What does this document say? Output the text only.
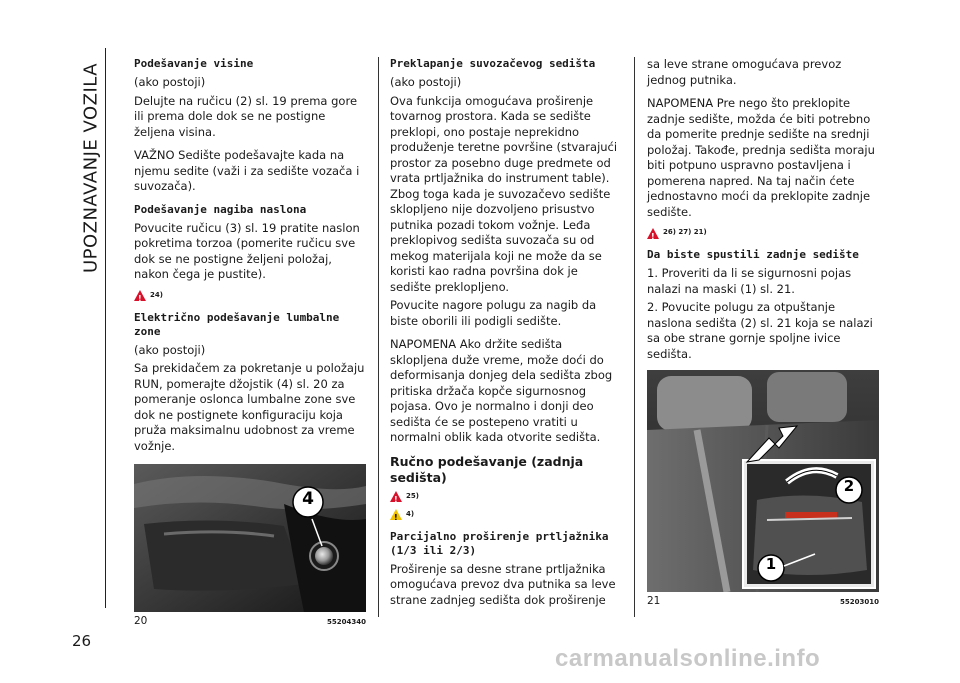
UPOZNAVANJE VOZILA
26
Podešavanje visine

(ako postoji)

Delujte na ručicu (2) sl. 19 prema gore ili prema dole dok se ne postigne željena visina.

VAŽNO Sedište podešavajte kada na njemu sedite (važi i za sedište vozača i suvozača).

Podešavanje nagiba naslona

Povucite ručicu (3) sl. 19 pratite naslon pokretima torzoa (pomerite ručicu sve dok se ne postigne željeni položaj, nakon čega je pustite).

!
24)
Električno podešavanje lumbalne zone

(ako postoji)

Sa prekidačem za pokretanje u položaju RUN, pomerajte džojstik (4) sl. 20 za pomeranje oslonca lumbalne zone sve dok ne postignete konfiguraciju koja pruža maksimalnu udobnost za vreme vožnje.

4
20	55204340
Preklapanje suvozačevog sedišta

(ako postoji)

Ova funkcija omogućava proširenje tovarnog prostora. Kada se sedište preklopi, ono postaje neprekidno produženje teretne površine (stvarajući prostor za posebno duge predmete od vrata prtljažnika do instrument table). Zbog toga kada je suvozačevo sedište sklopljeno nije dozvoljeno prisustvo putnika pozadi tokom vožnje. Leđa preklopivog sedišta suvozača su od mekog materijala koji ne može da se koristi kao radna površina dok je sedište preklopljeno.

Povucite nagore polugu za nagib da biste oborili ili podigli sedište.

NAPOMENA Ako držite sedišta sklopljena duže vreme, može doći do deformisanja donjeg dela sedišta zbog pritiska držača kopče sigurnosnog pojasa. Ovo je normalno i donji deo sedišta će se postepeno vratiti u normalni oblik kada otvorite sedišta.

Ručno podešavanje (zadnja sedišta)
!
25)
!
4)
Parcijalno proširenje prtljažnika (1/3 ili 2/3)

Proširenje sa desne strane prtljažnika omogućava prevoz dva putnika sa leve strane zadnjeg sedišta dok proširenje

sa leve strane omogućava prevoz jednog putnika.

NAPOMENA Pre nego što preklopite zadnje sedište, možda će biti potrebno da pomerite prednje sedište na srednji položaj. Takođe, prednja sedišta moraju biti potpuno uspravno postavljena i pomerena napred. Na taj način ćete jednostavno moći da preklopite zadnje sedište.

!
26) 27) 21)
Da biste spustili zadnje sedište

1. Proveriti da li se sigurnosni pojas nalazi na maski (1) sl. 21.

2. Povucite polugu za otpuštanje naslona sedišta (2) sl. 21 koja se nalazi sa obe strane gornje spoljne ivice sedišta.

2
1
21	55203010
carmanualsonline.info
